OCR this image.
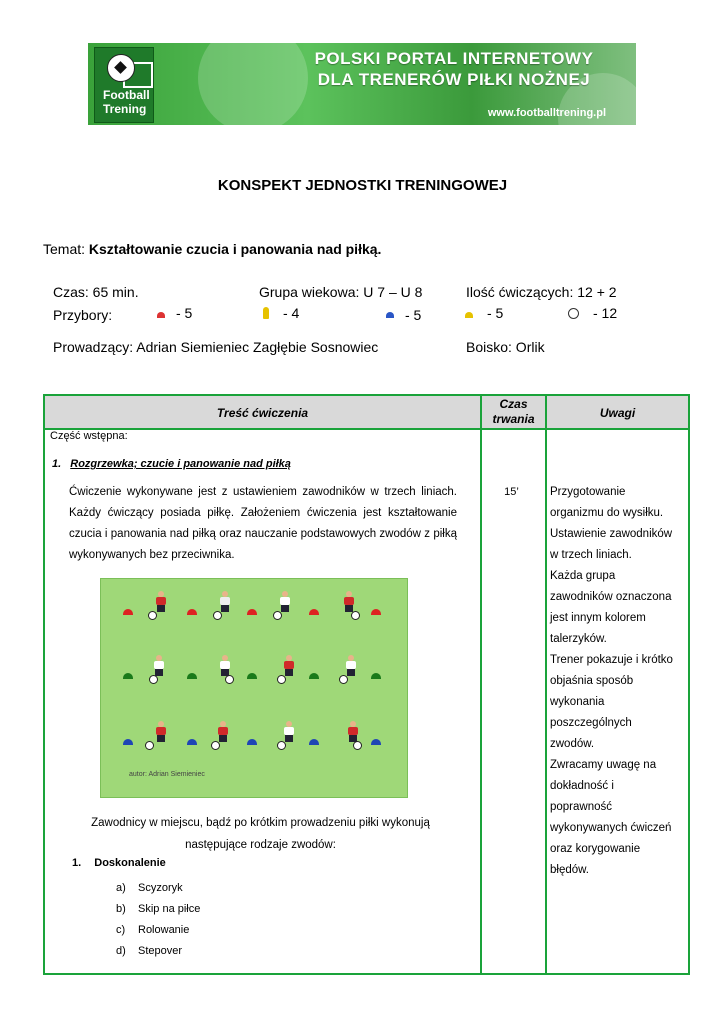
Football
Trening
POLSKI PORTAL INTERNETOWY
DLA TRENERÓW PIŁKI NOŻNEJ
www.footballtrening.pl
KONSPEKT JEDNOSTKI TRENINGOWEJ
Temat: Kształtowanie czucia i panowania nad piłką.
Czas: 65 min.	Grupa wiekowa: U 7 – U 8	Ilość ćwiczących: 12 + 2
Przybory:	- 5	- 4	- 5	- 5	- 12
Prowadzący: Adrian Siemieniec Zagłębie Sosnowiec	Boisko: Orlik
Treść ćwiczenia
Czas
trwania	Uwagi
Część wstępna:
1. Rozgrzewka; czucie i panowanie nad piłką
Ćwiczenie wykonywane jest z ustawieniem zawodników w trzech liniach. Każdy ćwiczący posiada piłkę. Założeniem ćwiczenia jest kształtowanie czucia i panowania nad piłką oraz nauczanie podstawowych zwodów z piłką wykonywanych bez przeciwnika.
autor: Adrian Siemieniec
Zawodnicy w miejscu, bądź po krótkim prowadzeniu piłki wykonują
następujące rodzaje zwodów:
1. Doskonalenie
a) Scyzoryk
b) Skip na piłce
c) Rolowanie
d) Stepover
15’	Przygotowanie
organizmu do wysiłku.
Ustawienie zawodników
w trzech liniach.
Każda grupa
zawodników oznaczona
jest innym kolorem
talerzyków.
Trener pokazuje i krótko
objaśnia sposób
wykonania
poszczególnych
zwodów.
Zwracamy uwagę na
dokładność i
poprawność
wykonywanych ćwiczeń
oraz korygowanie
błędów.
